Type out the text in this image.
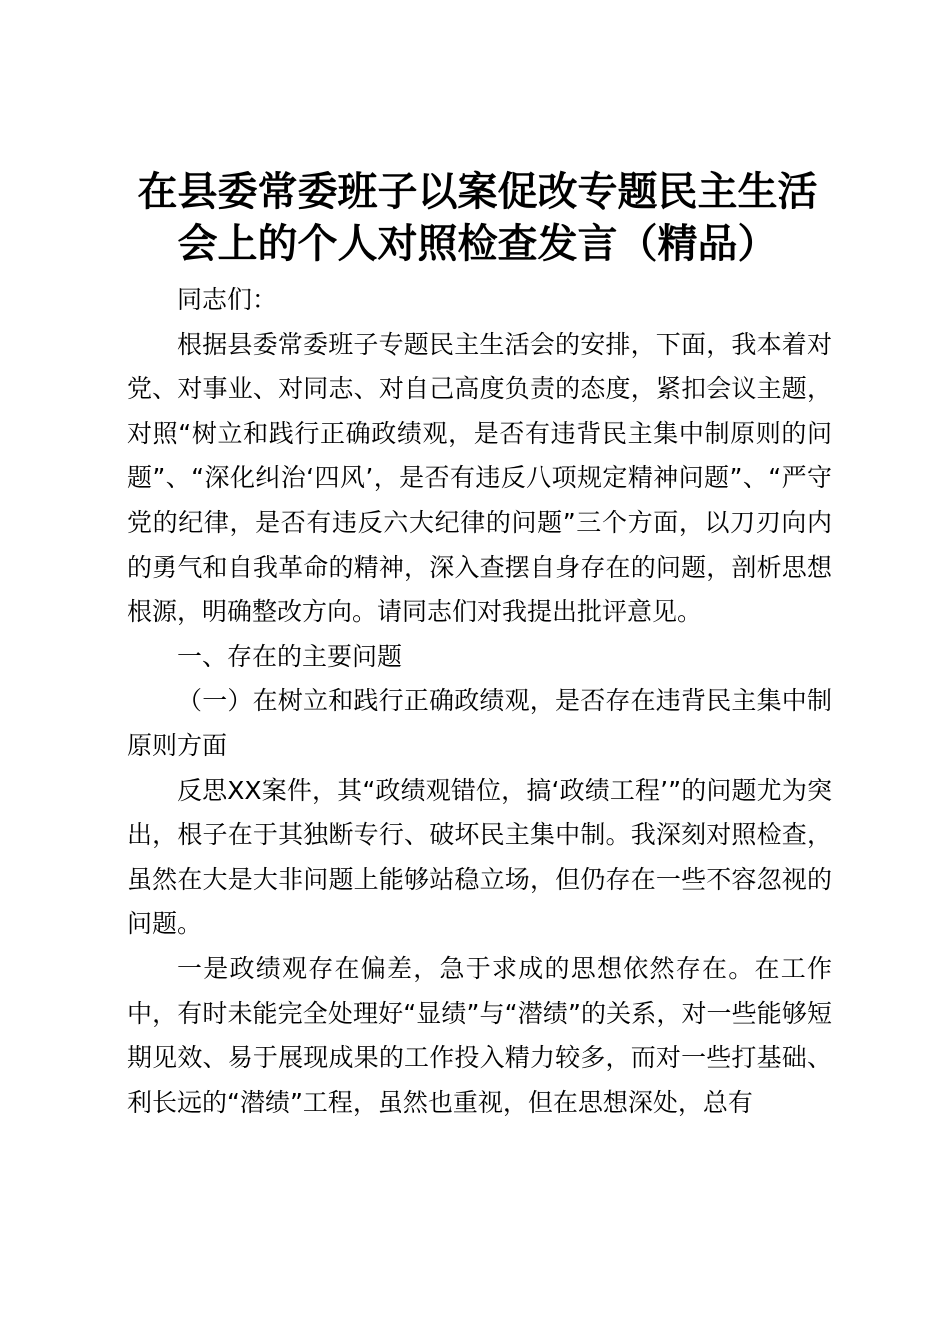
在县委常委班子以案促改专题民主生活
会上的个人对照检查发言（精品）

同志们：

根据县委常委班子专题民主生活会的安排，下面，我本着对党、对事业、对同志、对自己高度负责的态度，紧扣会议主题，对照“树立和践行正确政绩观，是否有违背民主集中制原则的问题”、“深化纠治‘四风’，是否有违反八项规定精神问题”、“严守党的纪律，是否有违反六大纪律的问题”三个方面，以刀刃向内的勇气和自我革命的精神，深入查摆自身存在的问题，剖析思想根源，明确整改方向。请同志们对我提出批评意见。

一、存在的主要问题

（一）在树立和践行正确政绩观，是否存在违背民主集中制原则方面

反思XX案件，其“政绩观错位，搞‘政绩工程’”的问题尤为突出，根子在于其独断专行、破坏民主集中制。我深刻对照检查，虽然在大是大非问题上能够站稳立场，但仍存在一些不容忽视的问题。

一是政绩观存在偏差，急于求成的思想依然存在。在工作中，有时未能完全处理好“显绩”与“潜绩”的关系，对一些能够短期见效、易于展现成果的工作投入精力较多，而对一些打基础、利长远的“潜绩”工程，虽然也重视，但在思想深处，总有
